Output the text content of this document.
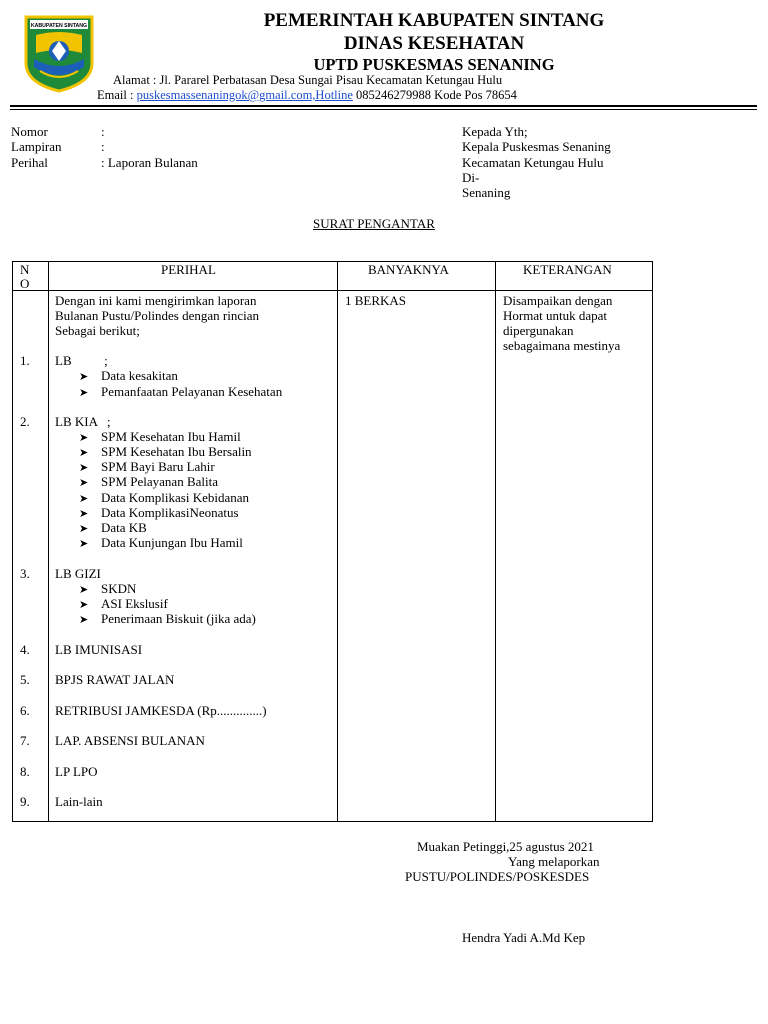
KABUPATEN SINTANG	PEMERINTAH KABUPATEN SINTANG
DINAS KESEHATAN
UPTD PUSKESMAS SENANING
Alamat : Jl. Pararel Perbatasan Desa Sungai Pisau Kecamatan Ketungau Hulu
Email : puskesmassenaningok@gmail.com,Hotline 085246279988 Kode Pos 78654
Nomor	:
Lampiran	:
Perihal	: Laporan Bulanan
Kepada Yth;
Kepala Puskesmas Senaning
Kecamatan Ketungau Hulu
Di-
Senaning
SURAT PENGANTAR
N
O
PERIHAL	BANYAKNYA	KETERANGAN
Dengan ini kami mengirimkan laporan
Bulanan Pustu/Polindes dengan rincian
Sebagai berikut;
1 BERKAS	Disampaikan dengan
Hormat untuk dapat
dipergunakan
sebagaimana mestinya
1. LB          ;
➤ Data kesakitan
➤ Pemanfaatan Pelayanan Kesehatan
2. LB KIA   ;
➤ SPM Kesehatan Ibu Hamil
➤ SPM Kesehatan Ibu Bersalin
➤ SPM Bayi Baru Lahir
➤ SPM Pelayanan Balita
➤ Data Komplikasi Kebidanan
➤ Data KomplikasiNeonatus
➤ Data KB
➤ Data Kunjungan Ibu Hamil
3. LB GIZI
➤ SKDN
➤ ASI Ekslusif
➤ Penerimaan Biskuit (jika ada)
4. LB IMUNISASI
5. BPJS RAWAT JALAN
6. RETRIBUSI JAMKESDA (Rp..............)
7. LAP. ABSENSI BULANAN
8. LP LPO
9. Lain-lain
Muakan Petinggi,25 agustus 2021
Yang melaporkan
PUSTU/POLINDES/POSKESDES
Hendra Yadi A.Md Kep
